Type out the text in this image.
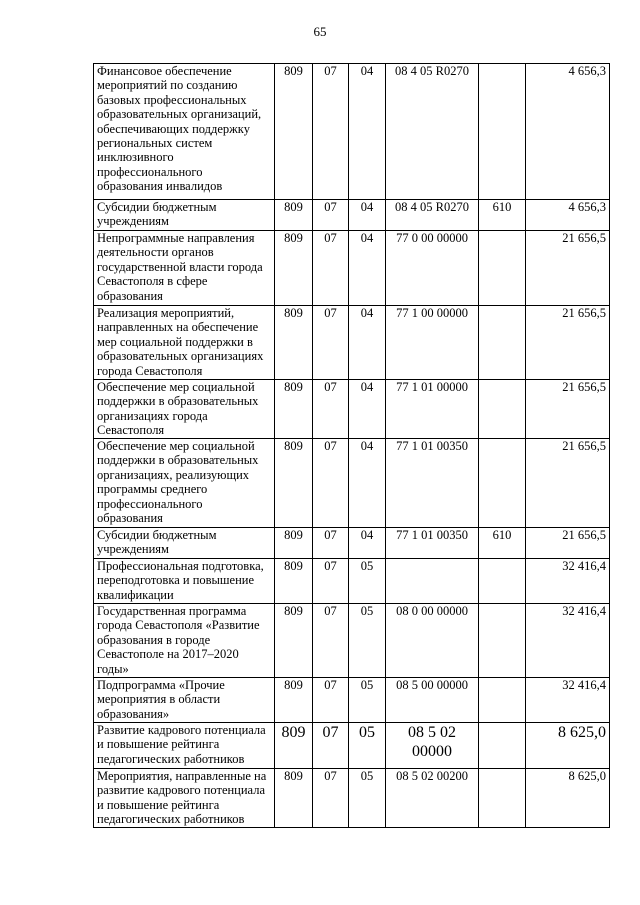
65
Финансовое обеспечение мероприятий по созданию базовых профессиональных образовательных организаций, обеспечивающих поддержку региональных систем инклюзивного профессионального образования инвалидов	809	07	04	08 4 05 R0270		4 656,3
Субсидии бюджетным учреждениям	809	07	04	08 4 05 R0270	610	4 656,3
Непрограммные направления деятельности органов государственной власти города Севастополя в сфере образования	809	07	04	77 0 00 00000		21 656,5
Реализация мероприятий, направленных на обеспечение мер социальной поддержки в образовательных организациях города Севастополя	809	07	04	77 1 00 00000		21 656,5
Обеспечение мер социальной поддержки в образовательных организациях города Севастополя	809	07	04	77 1 01 00000		21 656,5
Обеспечение мер социальной поддержки в образовательных организациях, реализующих программы среднего профессионального образования	809	07	04	77 1 01 00350		21 656,5
Субсидии бюджетным учреждениям	809	07	04	77 1 01 00350	610	21 656,5
Профессиональная подготовка, переподготовка и повышение квалификации	809	07	05			32 416,4
Государственная программа города Севастополя «Развитие образования в городе Севастополе на 2017–2020 годы»	809	07	05	08 0 00 00000		32 416,4
Подпрограмма «Прочие мероприятия в области образования»	809	07	05	08 5 00 00000		32 416,4
Развитие кадрового потенциала и повышение рейтинга педагогических работников	809	07	05	08 5 02 00000		8 625,0
Мероприятия, направленные на развитие кадрового потенциала и повышение рейтинга педагогических работников	809	07	05	08 5 02 00200		8 625,0
